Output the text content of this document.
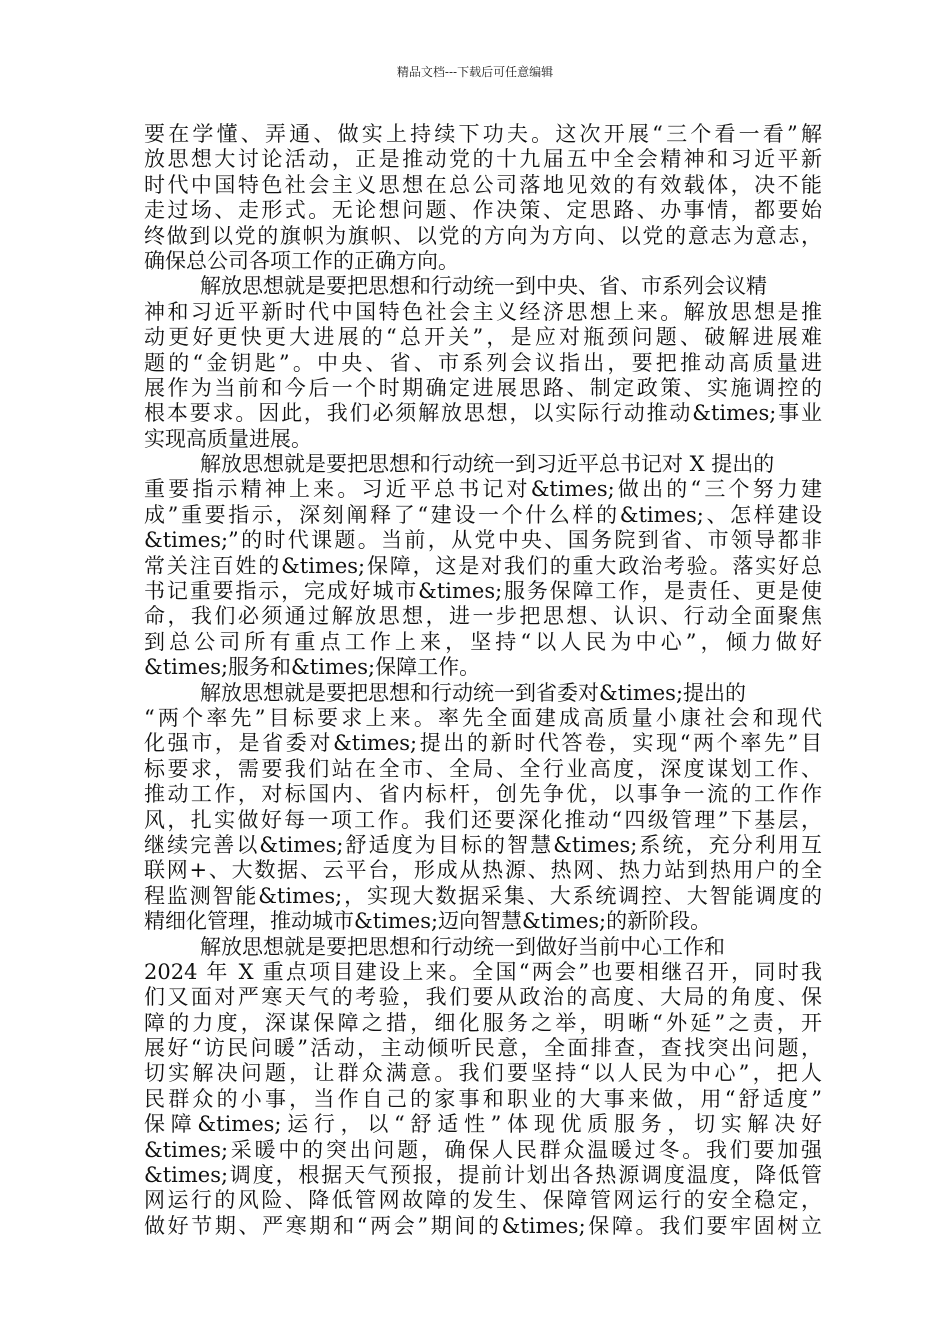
精品文档---下载后可任意编辑
要在学懂、弄通、做实上持续下功夫。这次开展“三个看一看”解
放思想大讨论活动，正是推动党的十九届五中全会精神和习近平新
时代中国特色社会主义思想在总公司落地见效的有效载体，决不能
走过场、走形式。无论想问题、作决策、定思路、办事情，都要始
终做到以党的旗帜为旗帜、以党的方向为方向、以党的意志为意志，
确保总公司各项工作的正确方向。
解放思想就是要把思想和行动统一到中央、省、市系列会议精
神和习近平新时代中国特色社会主义经济思想上来。解放思想是推
动更好更快更大进展的“总开关”，是应对瓶颈问题、破解进展难
题的“金钥匙”。中央、省、市系列会议指出，要把推动高质量进
展作为当前和今后一个时期确定进展思路、制定政策、实施调控的
根本要求。因此，我们必须解放思想，以实际行动推动&times;事业
实现高质量进展。
解放思想就是要把思想和行动统一到习近平总书记对 X 提出的
重要指示精神上来。习近平总书记对&times;做出的“三个努力建
成”重要指示，深刻阐释了“建设一个什么样的&times;、怎样建设
&times;”的时代课题。当前，从党中央、国务院到省、市领导都非
常关注百姓的&times;保障，这是对我们的重大政治考验。落实好总
书记重要指示，完成好城市&times;服务保障工作，是责任、更是使
命，我们必须通过解放思想，进一步把思想、认识、行动全面聚焦
到总公司所有重点工作上来，坚持“以人民为中心”，倾力做好
&times;服务和&times;保障工作。
解放思想就是要把思想和行动统一到省委对&times;提出的
“两个率先”目标要求上来。率先全面建成高质量小康社会和现代
化强市，是省委对&times;提出的新时代答卷，实现“两个率先”目
标要求，需要我们站在全市、全局、全行业高度，深度谋划工作、
推动工作，对标国内、省内标杆，创先争优，以事争一流的工作作
风，扎实做好每一项工作。我们还要深化推动“四级管理”下基层，
继续完善以&times;舒适度为目标的智慧&times;系统，充分利用互
联网+、大数据、云平台，形成从热源、热网、热力站到热用户的全
程监测智能&times;，实现大数据采集、大系统调控、大智能调度的
精细化管理，推动城市&times;迈向智慧&times;的新阶段。
解放思想就是要把思想和行动统一到做好当前中心工作和
2024 年 X 重点项目建设上来。全国“两会”也要相继召开，同时我
们又面对严寒天气的考验，我们要从政治的高度、大局的角度、保
障的力度，深谋保障之措，细化服务之举，明晰“外延”之责，开
展好“访民问暖”活动，主动倾听民意，全面排查，查找突出问题，
切实解决问题，让群众满意。我们要坚持“以人民为中心”，把人
民群众的小事，当作自己的家事和职业的大事来做，用“舒适度”
保障&times;运行，以“舒适性”体现优质服务，切实解决好
&times;采暖中的突出问题，确保人民群众温暖过冬。我们要加强
&times;调度，根据天气预报，提前计划出各热源调度温度，降低管
网运行的风险、降低管网故障的发生、保障管网运行的安全稳定，
做好节期、严寒期和“两会”期间的&times;保障。我们要牢固树立
